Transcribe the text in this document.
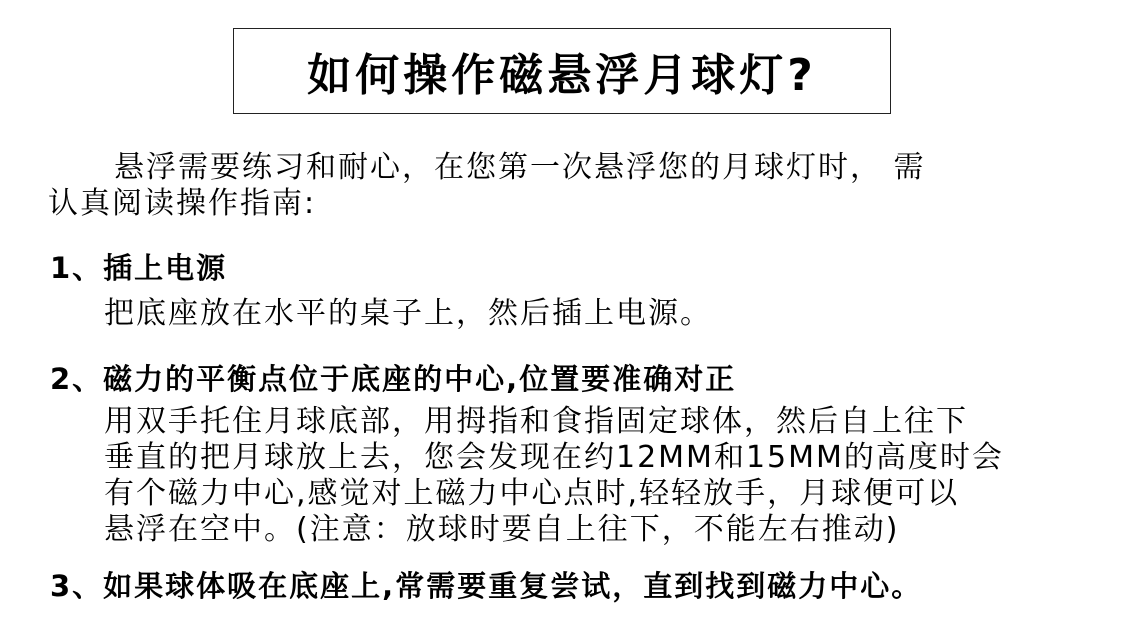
如何操作磁悬浮月球灯?
悬浮需要练习和耐心，在您第一次悬浮您的月球灯时， 需
认真阅读操作指南:
1、插上电源
把底座放在水平的桌子上，然后插上电源。
2、磁力的平衡点位于底座的中心,位置要准确对正
用双手托住月球底部，用拇指和食指固定球体，然后自上往下
垂直的把月球放上去，您会发现在约12MM和15MM的高度时会
有个磁力中心,感觉对上磁力中心点时,轻轻放手，月球便可以
悬浮在空中。(注意：放球时要自上往下，不能左右推动)
3、如果球体吸在底座上,常需要重复尝试，直到找到磁力中心。
